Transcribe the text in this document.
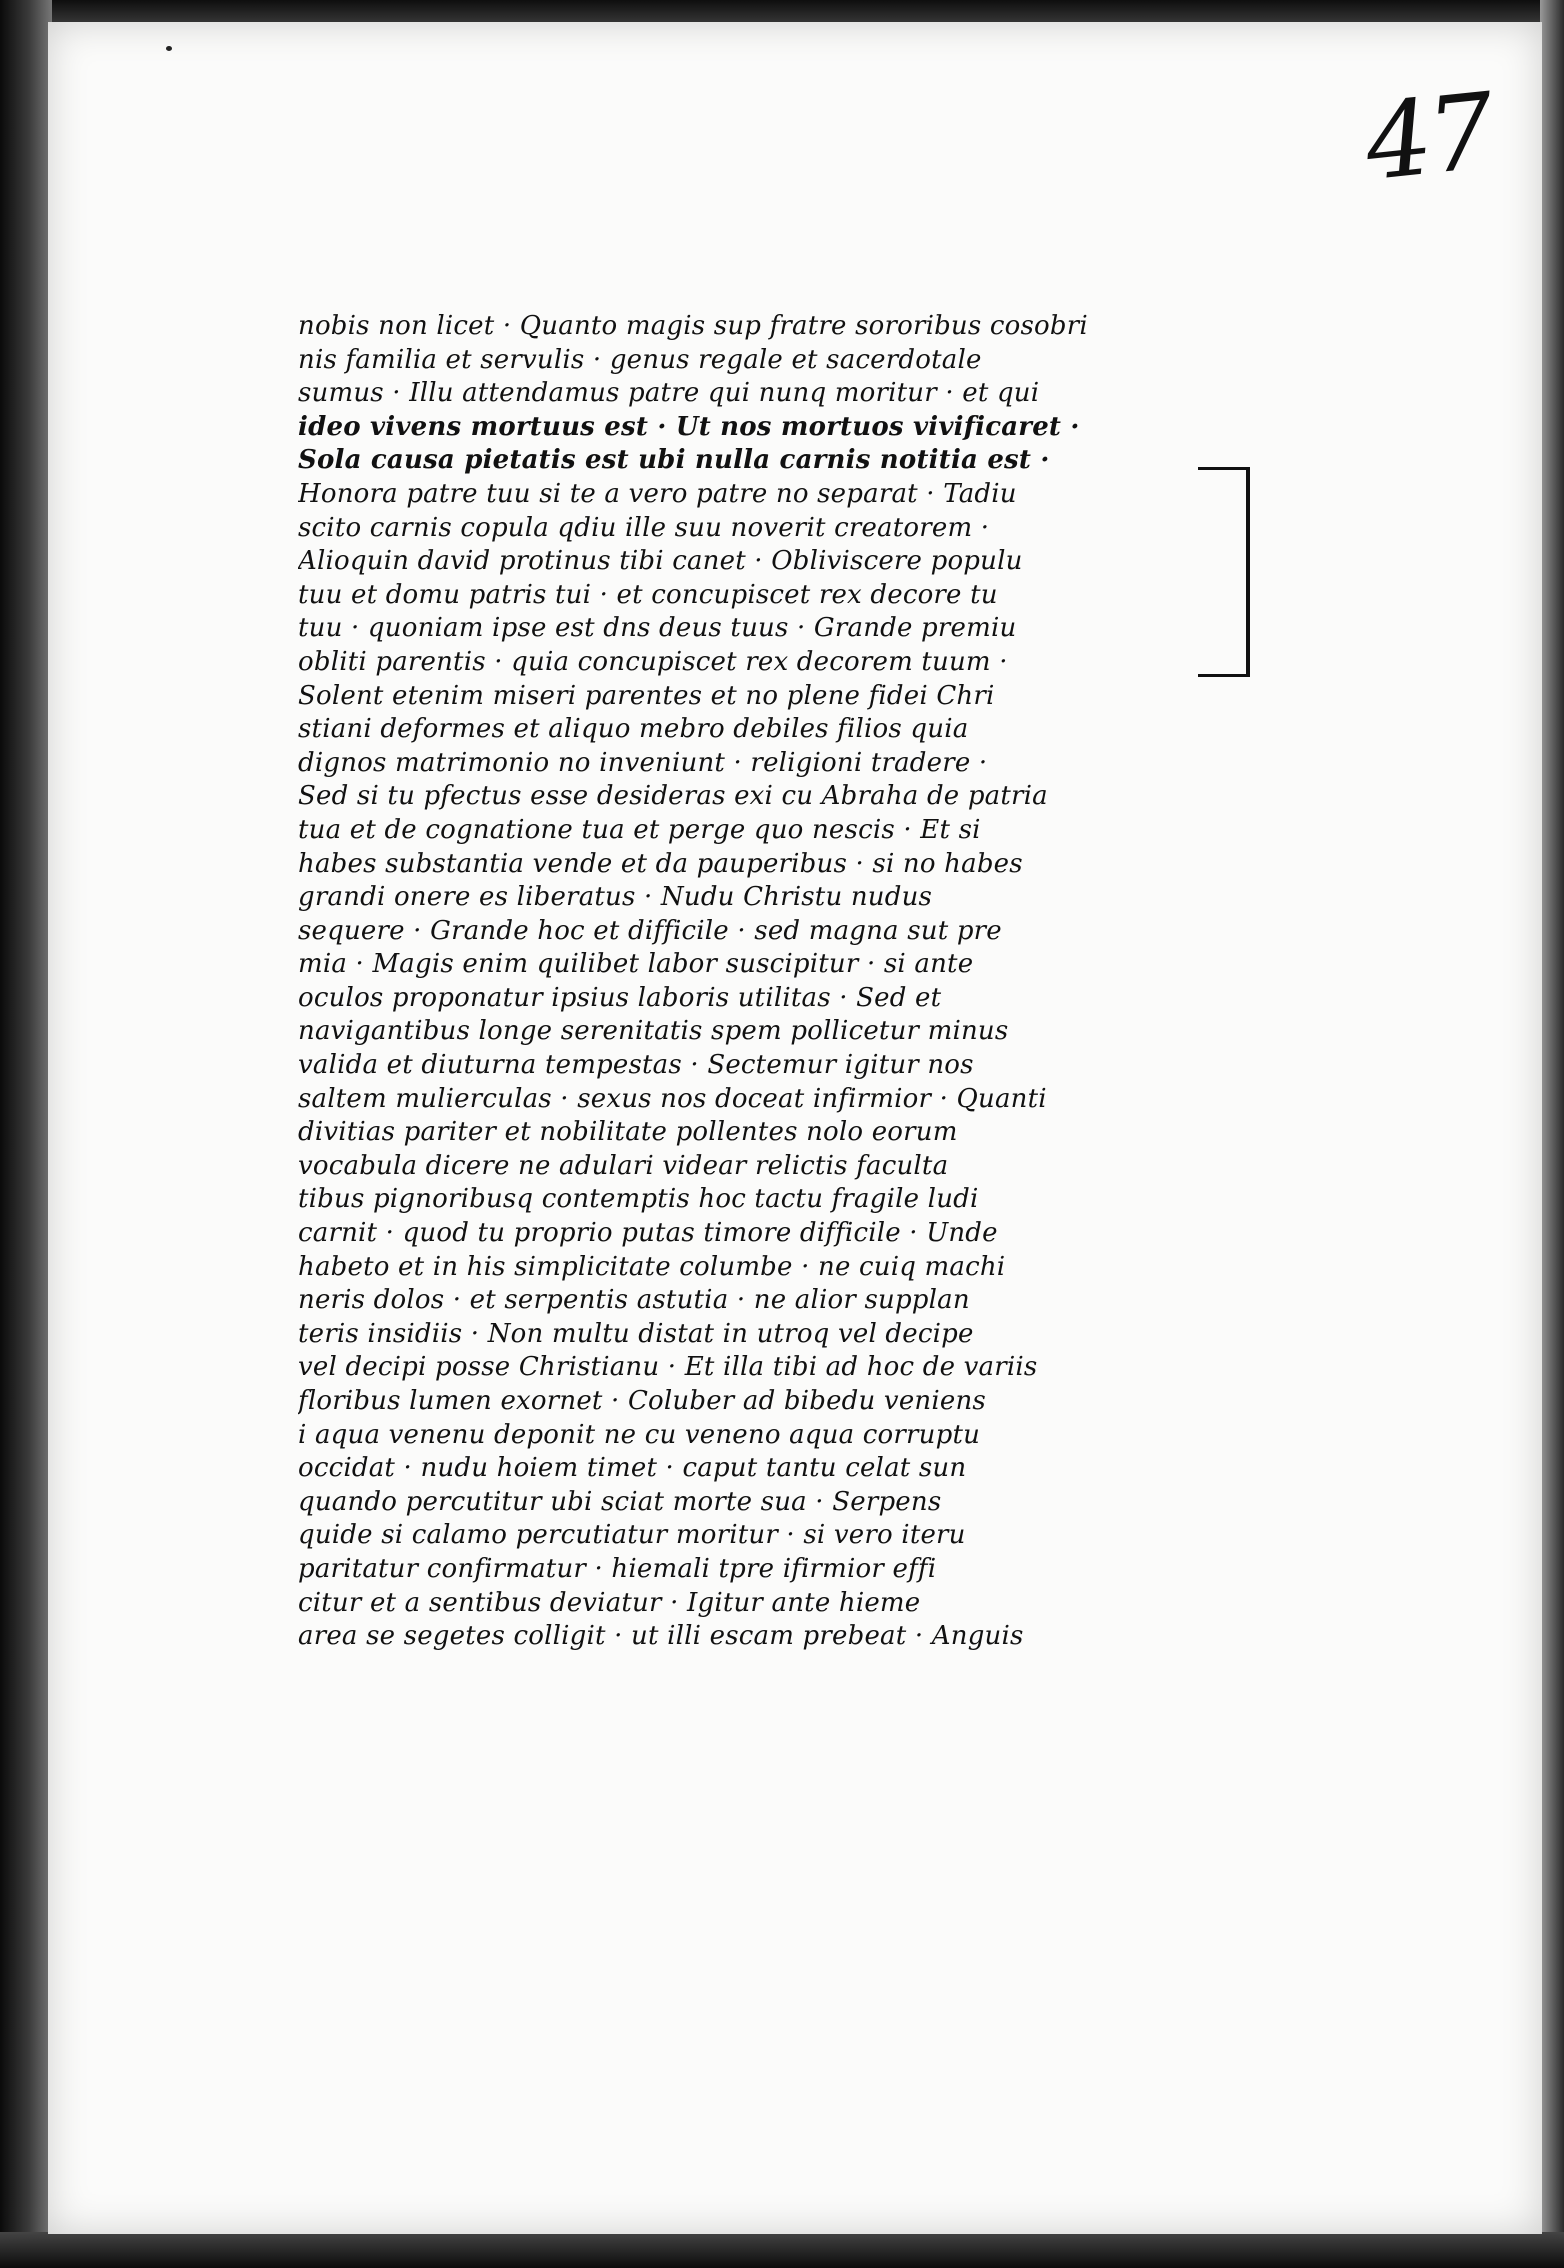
47
nobis non licet · Quanto magis sup fratre sororibus cosobri
nis familia et servulis · genus regale et sacerdotale
sumus · Illu attendamus patre qui nunq moritur · et qui
ideo vivens mortuus est · Ut nos mortuos vivificaret ·
Sola causa pietatis est ubi nulla carnis notitia est ·
Honora patre tuu si te a vero patre no separat · Tadiu
scito carnis copula qdiu ille suu noverit creatorem ·
Alioquin david protinus tibi canet · Obliviscere populu
tuu et domu patris tui · et concupiscet rex decore tu
tuu · quoniam ipse est dns deus tuus · Grande premiu
obliti parentis · quia concupiscet rex decorem tuum ·
Solent etenim miseri parentes et no plene fidei Chri
stiani deformes et aliquo mebro debiles filios quia
dignos matrimonio no inveniunt · religioni tradere ·
Sed si tu pfectus esse desideras exi cu Abraha de patria
tua et de cognatione tua et perge quo nescis · Et si
habes substantia vende et da pauperibus · si no habes
grandi onere es liberatus · Nudu Christu nudus
sequere · Grande hoc et difficile · sed magna sut pre
mia · Magis enim quilibet labor suscipitur · si ante
oculos proponatur ipsius laboris utilitas · Sed et
navigantibus longe serenitatis spem pollicetur minus
valida et diuturna tempestas · Sectemur igitur nos
saltem mulierculas · sexus nos doceat infirmior · Quanti
divitias pariter et nobilitate pollentes nolo eorum
vocabula dicere ne adulari videar relictis faculta
tibus pignoribusq contemptis hoc tactu fragile ludi
carnit · quod tu proprio putas timore difficile · Unde
habeto et in his simplicitate columbe · ne cuiq machi
neris dolos · et serpentis astutia · ne alior supplan
teris insidiis · Non multu distat in utroq vel decipe
vel decipi posse Christianu · Et illa tibi ad hoc de variis
floribus lumen exornet · Coluber ad bibedu veniens
i aqua venenu deponit ne cu veneno aqua corruptu
occidat · nudu hoiem timet · caput tantu celat sun
quando percutitur ubi sciat morte sua · Serpens
quide si calamo percutiatur moritur · si vero iteru
paritatur confirmatur · hiemali tpre ifirmior effi
citur et a sentibus deviatur · Igitur ante hieme
area se segetes colligit · ut illi escam prebeat · Anguis
